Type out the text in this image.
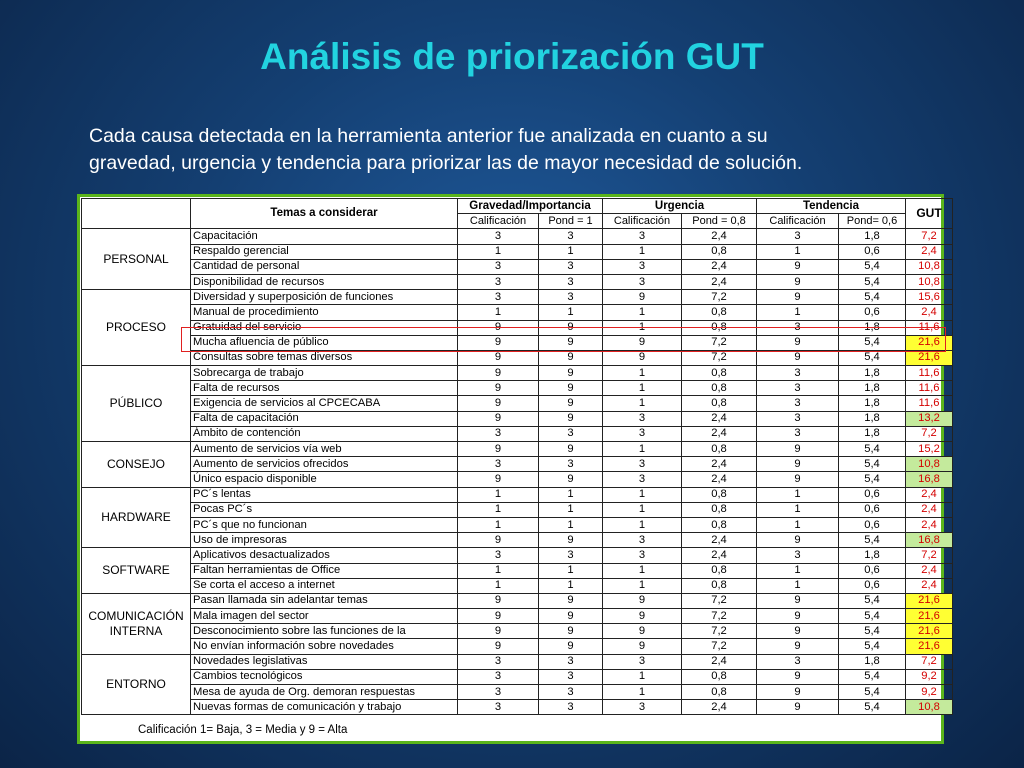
Análisis de priorización GUT
Cada causa detectada en la herramienta anterior fue analizada en cuanto a su
gravedad, urgencia y tendencia para priorizar las de mayor necesidad de solución.
	Temas a considerar	Gravedad/Importancia		Urgencia		Tendencia		GUT
		Calificación	Pond = 1	Calificación	Pond = 0,8	Calificación	Pond= 0,6	
PERSONAL	Capacitación	3	3	3	2,4	3	1,8	7,2
	Respaldo gerencial	1	1	1	0,8	1	0,6	2,4
	Cantidad de personal	3	3	3	2,4	9	5,4	10,8
	Disponibilidad de recursos	3	3	3	2,4	9	5,4	10,8
PROCESO	Diversidad y superposición de funciones	3	3	9	7,2	9	5,4	15,6
	Manual de procedimiento	1	1	1	0,8	1	0,6	2,4
	Gratuidad del servicio	9	9	1	0,8	3	1,8	11,6
	Mucha afluencia de público	9	9	9	7,2	9	5,4	21,6
	Consultas sobre temas diversos	9	9	9	7,2	9	5,4	21,6
PÚBLICO	Sobrecarga de trabajo	9	9	1	0,8	3	1,8	11,6
	Falta de recursos	9	9	1	0,8	3	1,8	11,6
	Exigencia de servicios al CPCECABA	9	9	1	0,8	3	1,8	11,6
	Falta de capacitación	9	9	3	2,4	3	1,8	13,2
	Ámbito de contención	3	3	3	2,4	3	1,8	7,2
CONSEJO	Aumento de servicios vía web	9	9	1	0,8	9	5,4	15,2
	Aumento de servicios ofrecidos	3	3	3	2,4	9	5,4	10,8
	Único espacio disponible	9	9	3	2,4	9	5,4	16,8
HARDWARE	PC´s lentas	1	1	1	0,8	1	0,6	2,4
	Pocas PC´s	1	1	1	0,8	1	0,6	2,4
	PC´s que no funcionan	1	1	1	0,8	1	0,6	2,4
	Uso de impresoras	9	9	3	2,4	9	5,4	16,8
SOFTWARE	Aplicativos desactualizados	3	3	3	2,4	3	1,8	7,2
	Faltan herramientas de Office	1	1	1	0,8	1	0,6	2,4
	Se corta el acceso a internet	1	1	1	0,8	1	0,6	2,4
COMUNICACIÓN INTERNA	Pasan llamada sin adelantar temas	9	9	9	7,2	9	5,4	21,6
	Mala imagen del sector	9	9	9	7,2	9	5,4	21,6
	Desconocimiento sobre las funciones de la	9	9	9	7,2	9	5,4	21,6
	No envían información sobre novedades	9	9	9	7,2	9	5,4	21,6
ENTORNO	Novedades legislativas	3	3	3	2,4	3	1,8	7,2
	Cambios tecnológicos	3	3	1	0,8	9	5,4	9,2
	Mesa de ayuda de Org. demoran respuestas	3	3	1	0,8	9	5,4	9,2
	Nuevas formas de comunicación y trabajo	3	3	3	2,4	9	5,4	10,8

Calificación 1= Baja, 3 = Media y 9 = Alta
